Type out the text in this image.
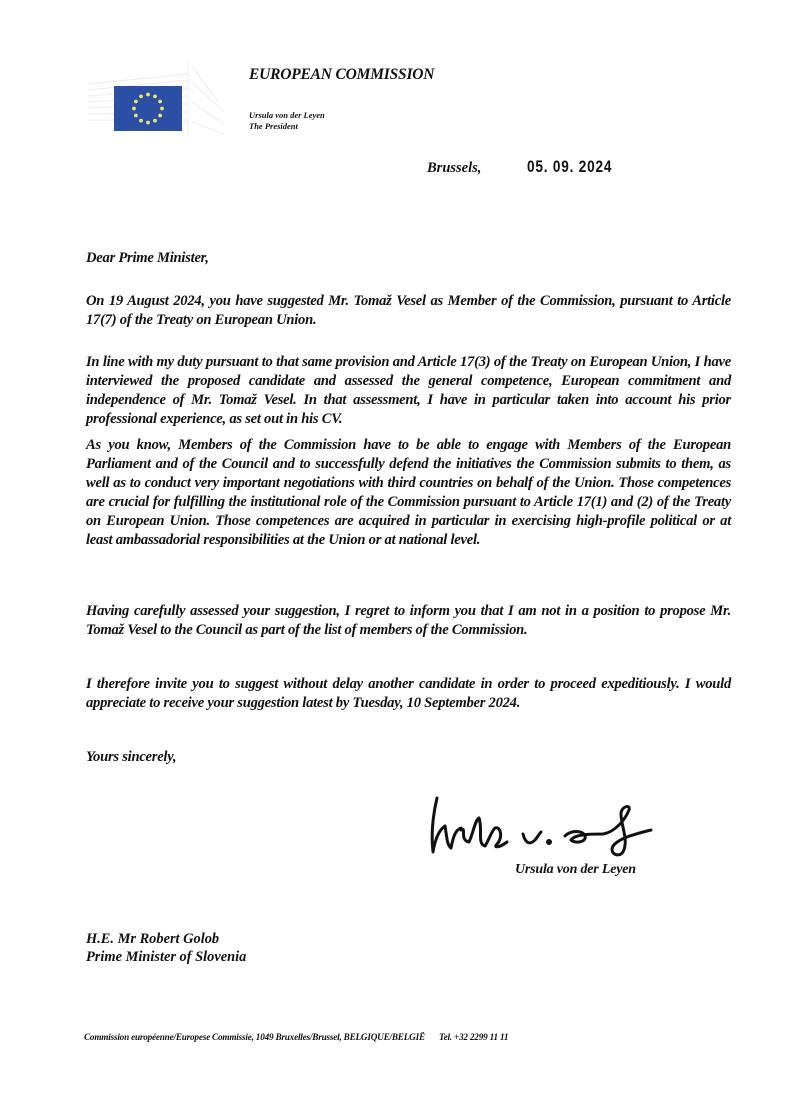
EUROPEAN COMMISSION
Ursula von der Leyen
The President
Brussels,	05. 09. 2024
Dear Prime Minister,
On 19 August 2024, you have suggested Mr. Tomaž Vesel as Member of the Commission, pursuant to Article 17(7) of the Treaty on European Union.
In line with my duty pursuant to that same provision and Article 17(3) of the Treaty on European Union, I have interviewed the proposed candidate and assessed the general competence, European commitment and independence of Mr. Tomaž Vesel. In that assessment, I have in particular taken into account his prior professional experience, as set out in his CV.
As you know, Members of the Commission have to be able to engage with Members of the European Parliament and of the Council and to successfully defend the initiatives the Commission submits to them, as well as to conduct very important negotiations with third countries on behalf of the Union. Those competences are crucial for fulfilling the institutional role of the Commission pursuant to Article 17(1) and (2) of the Treaty on European Union. Those competences are acquired in particular in exercising high-profile political or at least ambassadorial responsibilities at the Union or at national level.
Having carefully assessed your suggestion, I regret to inform you that I am not in a position to propose Mr. Tomaž Vesel to the Council as part of the list of members of the Commission.
I therefore invite you to suggest without delay another candidate in order to proceed expeditiously. I would appreciate to receive your suggestion latest by Tuesday, 10 September 2024.
Yours sincerely,
Ursula von der Leyen
H.E. Mr Robert Golob
Prime Minister of Slovenia
Commission européenne/Europese Commissie, 1049 Bruxelles/Brussel, BELGIQUE/BELGIË Tel. +32 2299 11 11
